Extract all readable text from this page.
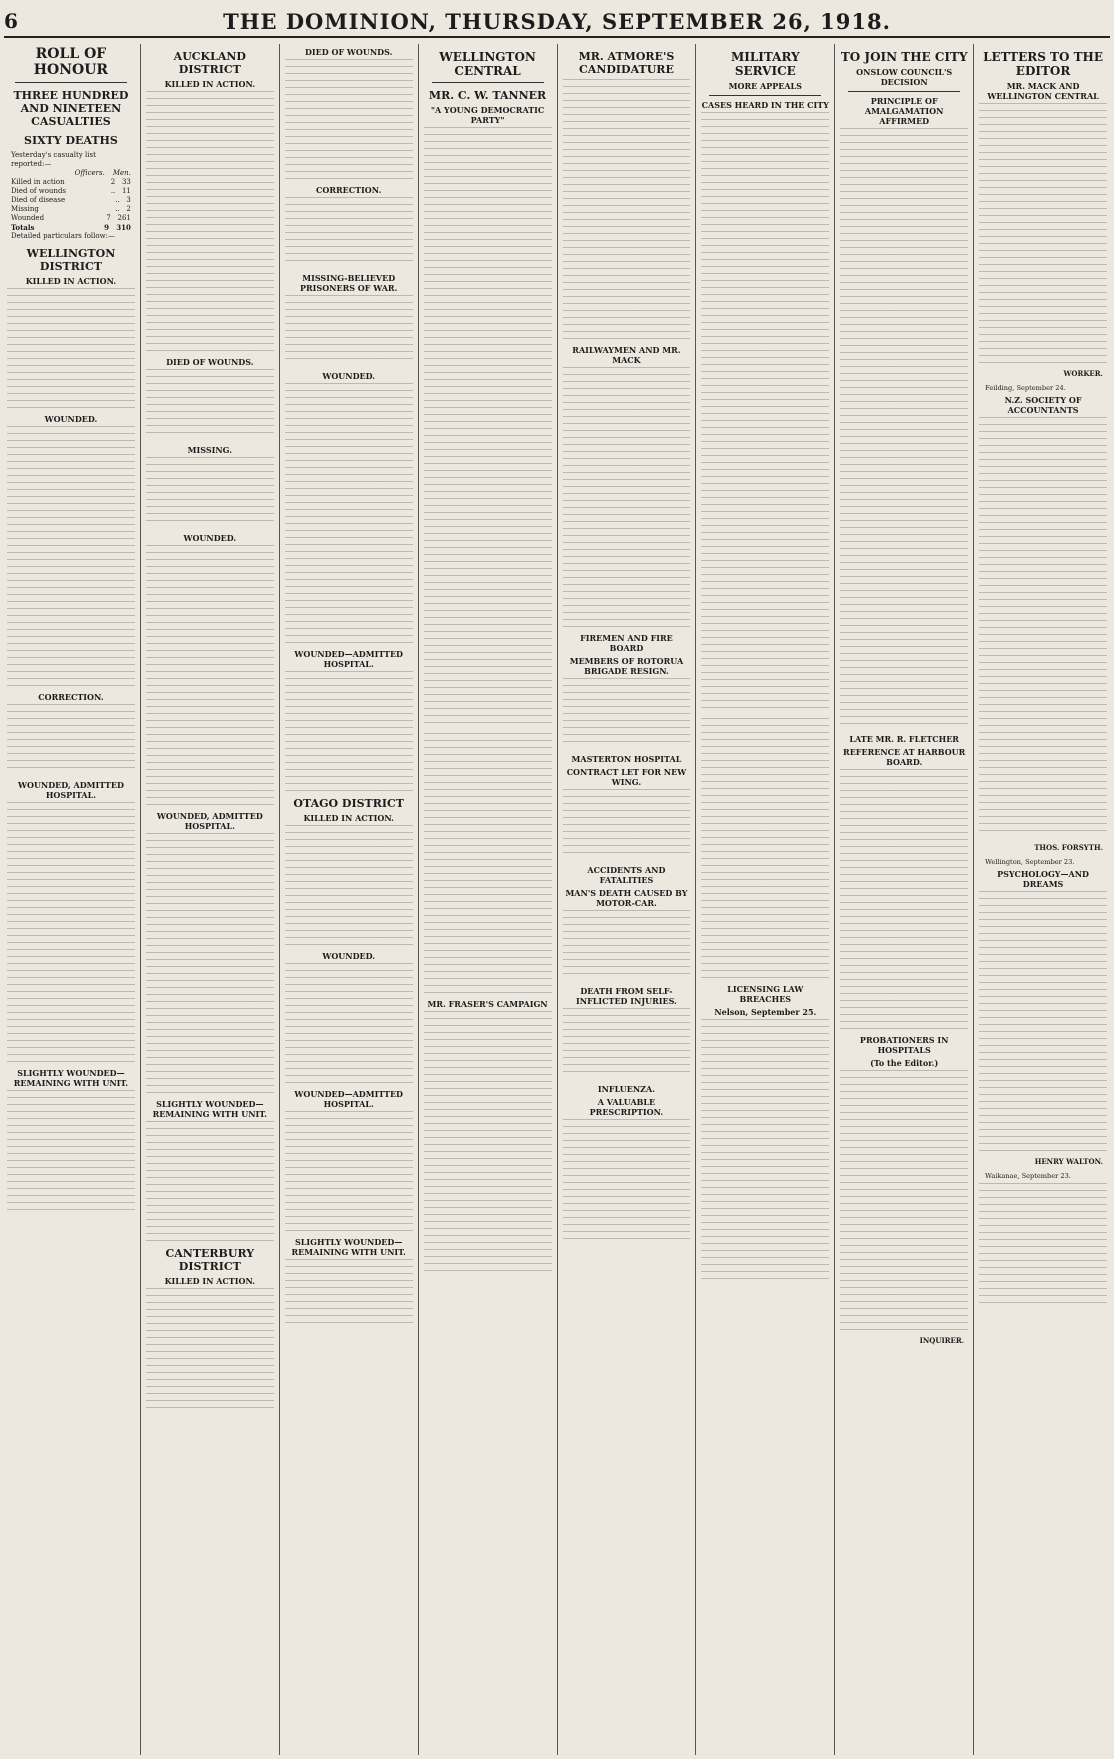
6	THE DOMINION, THURSDAY, SEPTEMBER 26, 1918.
ROLL OF HONOUR
THREE HUNDRED AND NINETEEN CASUALTIES
SIXTY DEATHS
Yesterday's casualty list reported:—
Officers. Men.
Killed in action	2 33
Died of wounds	.. 11
Died of disease	.. 3
Missing	.. 2
Wounded	7 261
Totals	9 310
Detailed particulars follow:—
WELLINGTON DISTRICT
KILLED IN ACTION.
WOUNDED.
CORRECTION.
WOUNDED, ADMITTED HOSPITAL.
SLIGHTLY WOUNDED—REMAINING WITH UNIT.
AUCKLAND DISTRICT
KILLED IN ACTION.
DIED OF WOUNDS.
MISSING.
WOUNDED.
WOUNDED, ADMITTED HOSPITAL.
SLIGHTLY WOUNDED—REMAINING WITH UNIT.
CANTERBURY DISTRICT
KILLED IN ACTION.
DIED OF WOUNDS.
CORRECTION.
MISSING-BELIEVED PRISONERS OF WAR.
WOUNDED.
WOUNDED—ADMITTED HOSPITAL.
OTAGO DISTRICT
KILLED IN ACTION.
WOUNDED.
WOUNDED—ADMITTED HOSPITAL.
SLIGHTLY WOUNDED—REMAINING WITH UNIT.
WELLINGTON CENTRAL
MR. C. W. TANNER
"A YOUNG DEMOCRATIC PARTY"
MR. FRASER'S CAMPAIGN
MR. ATMORE'S CANDIDATURE
RAILWAYMEN AND MR. MACK
FIREMEN AND FIRE BOARD
MEMBERS OF ROTORUA BRIGADE RESIGN.
MASTERTON HOSPITAL
CONTRACT LET FOR NEW WING.
ACCIDENTS AND FATALITIES
MAN'S DEATH CAUSED BY MOTOR-CAR.
DEATH FROM SELF-INFLICTED INJURIES.
INFLUENZA.
A VALUABLE PRESCRIPTION.
MILITARY SERVICE
MORE APPEALS
CASES HEARD IN THE CITY
LICENSING LAW BREACHES
Nelson, September 25.
TO JOIN THE CITY
ONSLOW COUNCIL'S DECISION
PRINCIPLE OF AMALGAMATION AFFIRMED
LATE MR. R. FLETCHER
REFERENCE AT HARBOUR BOARD.
PROBATIONERS IN HOSPITALS
(To the Editor.)
INQUIRER.
LETTERS TO THE EDITOR
MR. MACK AND WELLINGTON CENTRAL
WORKER.
Feilding, September 24.
N.Z. SOCIETY OF ACCOUNTANTS
THOS. FORSYTH.
Wellington, September 23.
PSYCHOLOGY—AND DREAMS
HENRY WALTON.
Waikanae, September 23.
